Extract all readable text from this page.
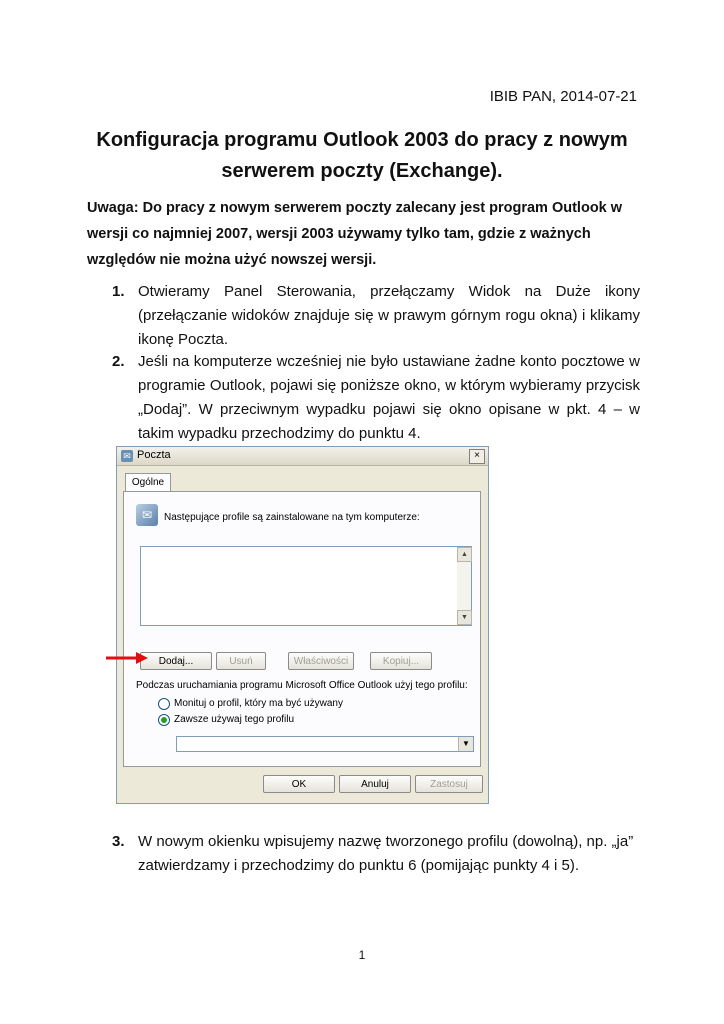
IBIB PAN, 2014-07-21
Konfiguracja programu Outlook 2003 do pracy z nowym
serwerem poczty (Exchange).
Uwaga: Do pracy z nowym serwerem poczty zalecany jest program Outlook w wersji co najmniej 2007, wersji 2003 używamy tylko tam, gdzie z ważnych względów nie można użyć nowszej wersji.
1. Otwieramy Panel Sterowania, przełączamy Widok na Duże ikony (przełączanie widoków znajduje się w prawym górnym rogu okna) i klikamy ikonę Poczta.
2. Jeśli na komputerze wcześniej nie było ustawiane żadne konto pocztowe w programie Outlook, pojawi się poniższe okno, w którym wybieramy przycisk „Dodaj”. W przeciwnym wypadku pojawi się okno opisane w pkt. 4 – w takim wypadku przechodzimy do punktu 4.
✉ Poczta	×
Ogólne
✉	Następujące profile są zainstalowane na tym komputerze:
▲
▼
Dodaj...	Usuń	Właściwości	Kopiuj...
Podczas uruchamiania programu Microsoft Office Outlook użyj tego profilu:
Monituj o profil, który ma być używany
Zawsze używaj tego profilu
▼
OK	Anuluj	Zastosuj
3. W nowym okienku wpisujemy nazwę tworzonego profilu (dowolną), np. „ja” zatwierdzamy i przechodzimy do punktu 6 (pomijając punkty 4 i 5).
1
